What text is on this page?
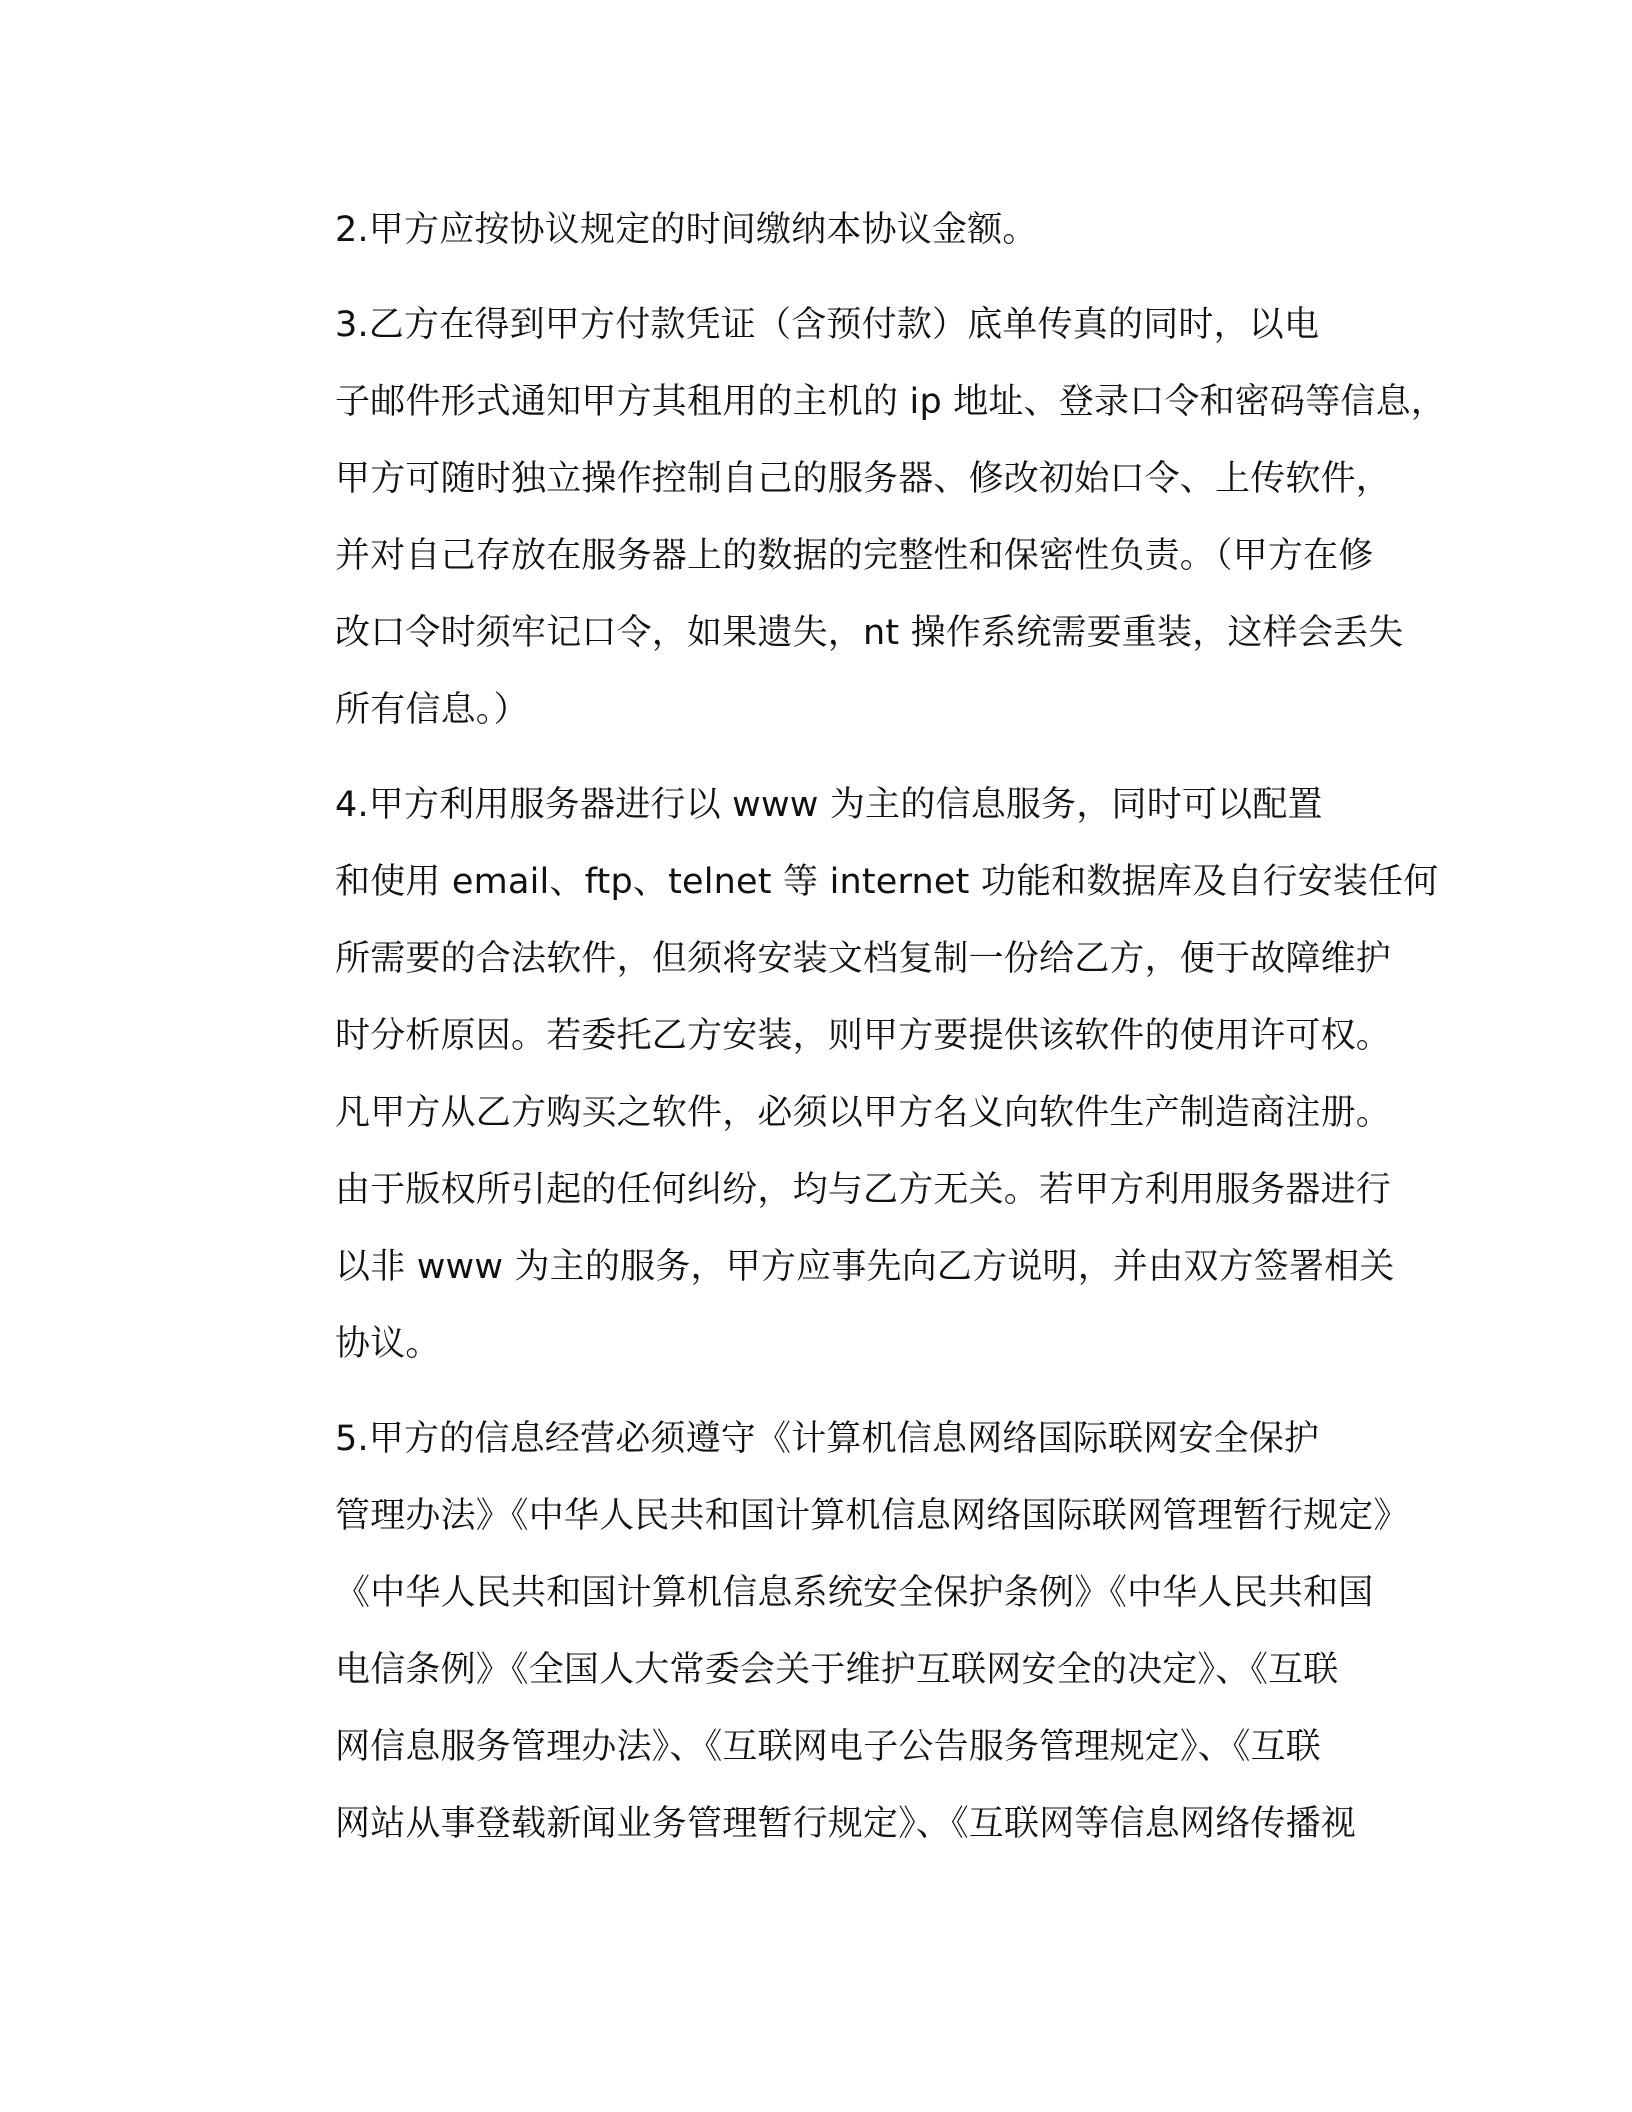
2.甲方应按协议规定的时间缴纳本协议金额。

3.乙方在得到甲方付款凭证（含预付款）底单传真的同时，以电
子邮件形式通知甲方其租用的主机的 ip 地址、登录口令和密码等信息，
甲方可随时独立操作控制自己的服务器、修改初始口令、上传软件，
并对自己存放在服务器上的数据的完整性和保密性负责。（甲方在修
改口令时须牢记口令，如果遗失，nt 操作系统需要重装，这样会丢失
所有信息。）

4.甲方利用服务器进行以 www 为主的信息服务，同时可以配置
和使用 email、ftp、telnet 等 internet 功能和数据库及自行安装任何
所需要的合法软件，但须将安装文档复制一份给乙方，便于故障维护
时分析原因。若委托乙方安装，则甲方要提供该软件的使用许可权。
凡甲方从乙方购买之软件，必须以甲方名义向软件生产制造商注册。
由于版权所引起的任何纠纷，均与乙方无关。若甲方利用服务器进行
以非 www 为主的服务，甲方应事先向乙方说明，并由双方签署相关
协议。

5.甲方的信息经营必须遵守《计算机信息网络国际联网安全保护
管理办法》《中华人民共和国计算机信息网络国际联网管理暂行规定》
《中华人民共和国计算机信息系统安全保护条例》《中华人民共和国
电信条例》《全国人大常委会关于维护互联网安全的决定》、《互联
网信息服务管理办法》、《互联网电子公告服务管理规定》、《互联
网站从事登载新闻业务管理暂行规定》、《互联网等信息网络传播视
